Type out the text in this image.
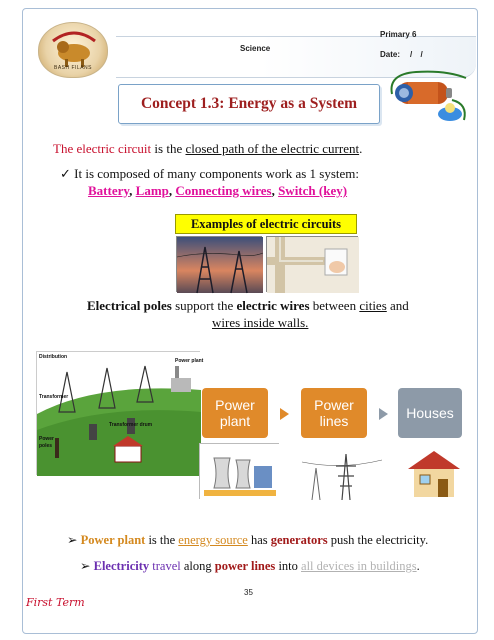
BASH FILANS
Science
Primary 6
Date: / /
Concept 1.3: Energy as a System
The electric circuit is the closed path of the electric current.
✓ It is composed of many components work as 1 system:
Battery, Lamp, Connecting wires, Switch (key)
Examples of electric circuits
Electrical poles support the electric wires between cities and
wires inside walls.
Distribution
Power plant
Transformer
Transformer drum
Power
poles
Power
plant
Power
lines
Houses
➢ Power plant is the energy source has generators push the electricity.
➢ Electricity travel along power lines into all devices in buildings.
35
First Term
